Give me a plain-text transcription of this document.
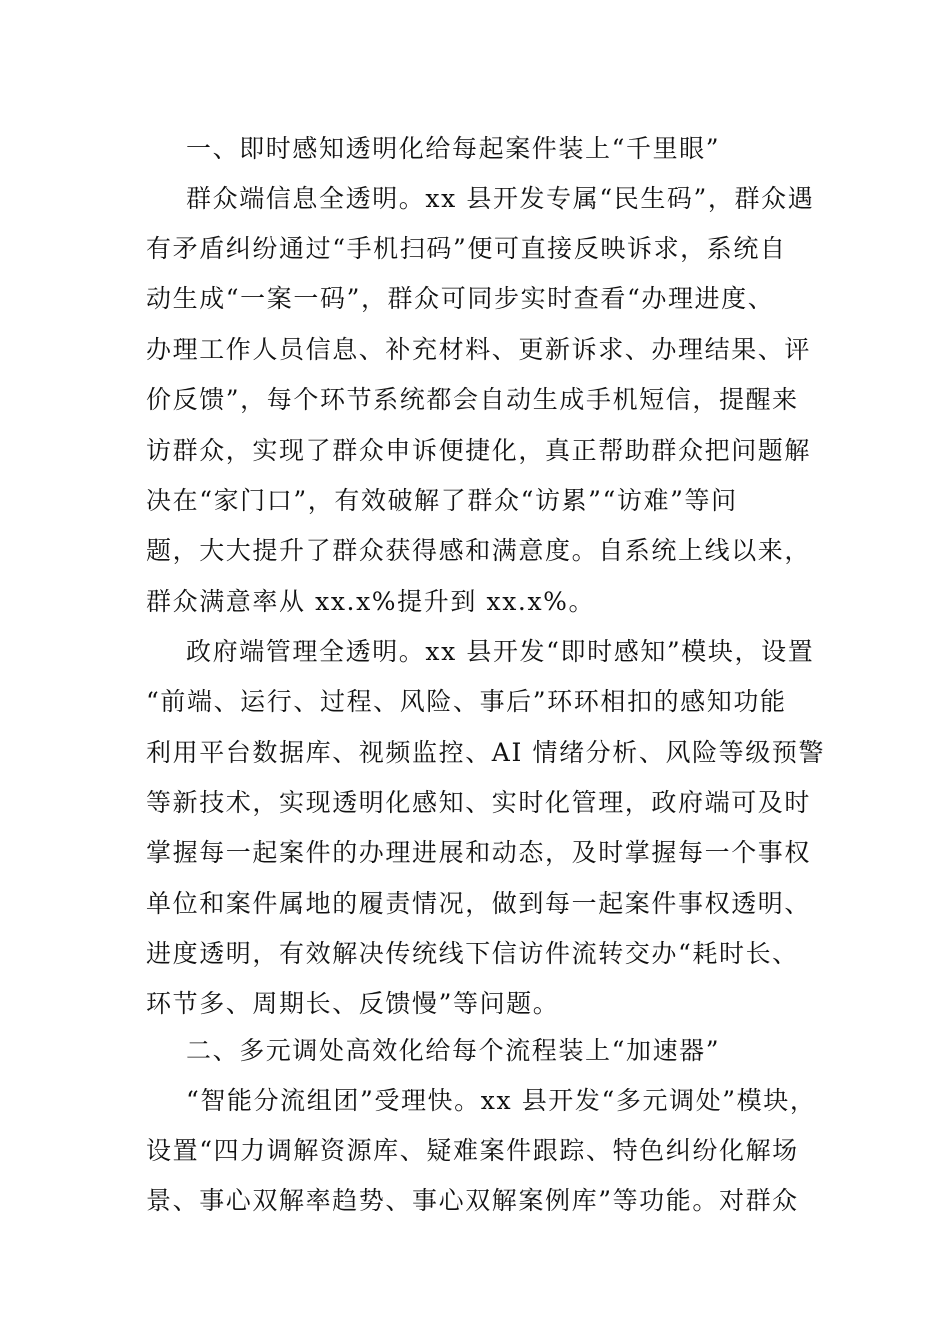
一、即时感知透明化给每起案件装上“千里眼”
群众端信息全透明。xx 县开发专属“民生码”，群众遇
有矛盾纠纷通过“手机扫码”便可直接反映诉求，系统自
动生成“一案一码”，群众可同步实时查看“办理进度、
办理工作人员信息、补充材料、更新诉求、办理结果、评
价反馈”，每个环节系统都会自动生成手机短信，提醒来
访群众，实现了群众申诉便捷化，真正帮助群众把问题解
决在“家门口”，有效破解了群众“访累”“访难”等问
题，大大提升了群众获得感和满意度。自系统上线以来，
群众满意率从 xx.x%提升到 xx.x%。
政府端管理全透明。xx 县开发“即时感知”模块，设置
“前端、运行、过程、风险、事后”环环相扣的感知功能
利用平台数据库、视频监控、AI 情绪分析、风险等级预警
等新技术，实现透明化感知、实时化管理，政府端可及时
掌握每一起案件的办理进展和动态，及时掌握每一个事权
单位和案件属地的履责情况，做到每一起案件事权透明、
进度透明，有效解决传统线下信访件流转交办“耗时长、
环节多、周期长、反馈慢”等问题。
二、多元调处高效化给每个流程装上“加速器”
“智能分流组团”受理快。xx 县开发“多元调处”模块，
设置“四力调解资源库、疑难案件跟踪、特色纠纷化解场
景、事心双解率趋势、事心双解案例库”等功能。对群众
